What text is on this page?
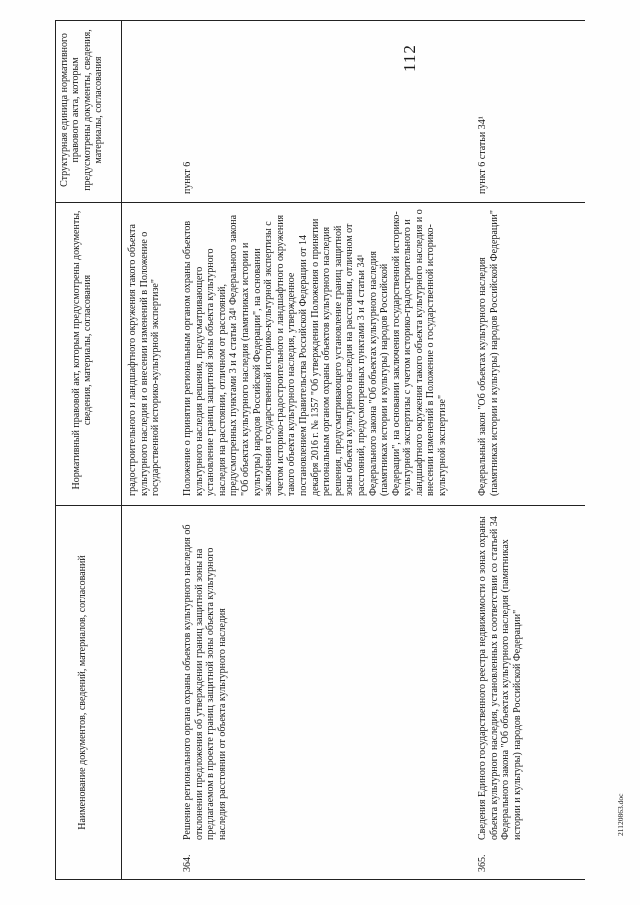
112
Наименование документов, сведений, материалов, согласований
Нормативный правовой акт, которым предусмотрены документы, сведения, материалы, согласования
Структурная единица нормативного правового акта, которым предусмотрены документы, сведения, материалы, согласования
градостроительного и ландшафтного окружения такого объекта культурного наследия и о внесении изменений в Положение о государственной историко-культурной экспертизе"
364.
Решение регионального органа охраны объектов культурного наследия об отклонении предложения об утверждении границ защитной зоны на предлагаемом в проекте границ защитной зоны объекта культурного наследия расстоянии от объекта культурного наследия
Положение о принятии региональным органом охраны объектов культурного наследия решения, предусматривающего установление границ защитной зоны объекта культурного наследия на расстоянии, отличном от расстояний, предусмотренных пунктами 3 и 4 статьи 34¹ Федерального закона "Об объектах культурного наследия (памятниках истории и культуры) народов Российской Федерации", на основании заключения государственной историко-культурной экспертизы с учетом историко-градостроительного и ландшафтного окружения такого объекта культурного наследия, утвержденное постановлением Правительства Российской Федерации от 14 декабря 2016 г. № 1357 "Об утверждении Положения о принятии региональным органом охраны объектов культурного наследия решения, предусматривающего установление границ защитной зоны объекта культурного наследия на расстоянии, отличном от расстояний, предусмотренных пунктами 3 и 4 статьи 34¹ Федерального закона "Об объектах культурного наследия (памятниках истории и культуры) народов Российской Федерации", на основании заключения государственной историко-культурной экспертизы с учетом историко-градостроительного и ландшафтного окружения такого объекта культурного наследия и о внесении изменений в Положение о государственной историко-культурной экспертизе"
пункт 6
365.
Сведения Единого государственного реестра недвижимости о зонах охраны объекта культурного наследия, установленных в соответствии со статьей 34 Федерального закона "Об объектах культурного наследия (памятниках истории и культуры) народов Российской Федерации"
Федеральный закон "Об объектах культурного наследия (памятниках истории и культуры) народов Российской Федерации"
пункт 6 статьи 34¹
21120863.doc
